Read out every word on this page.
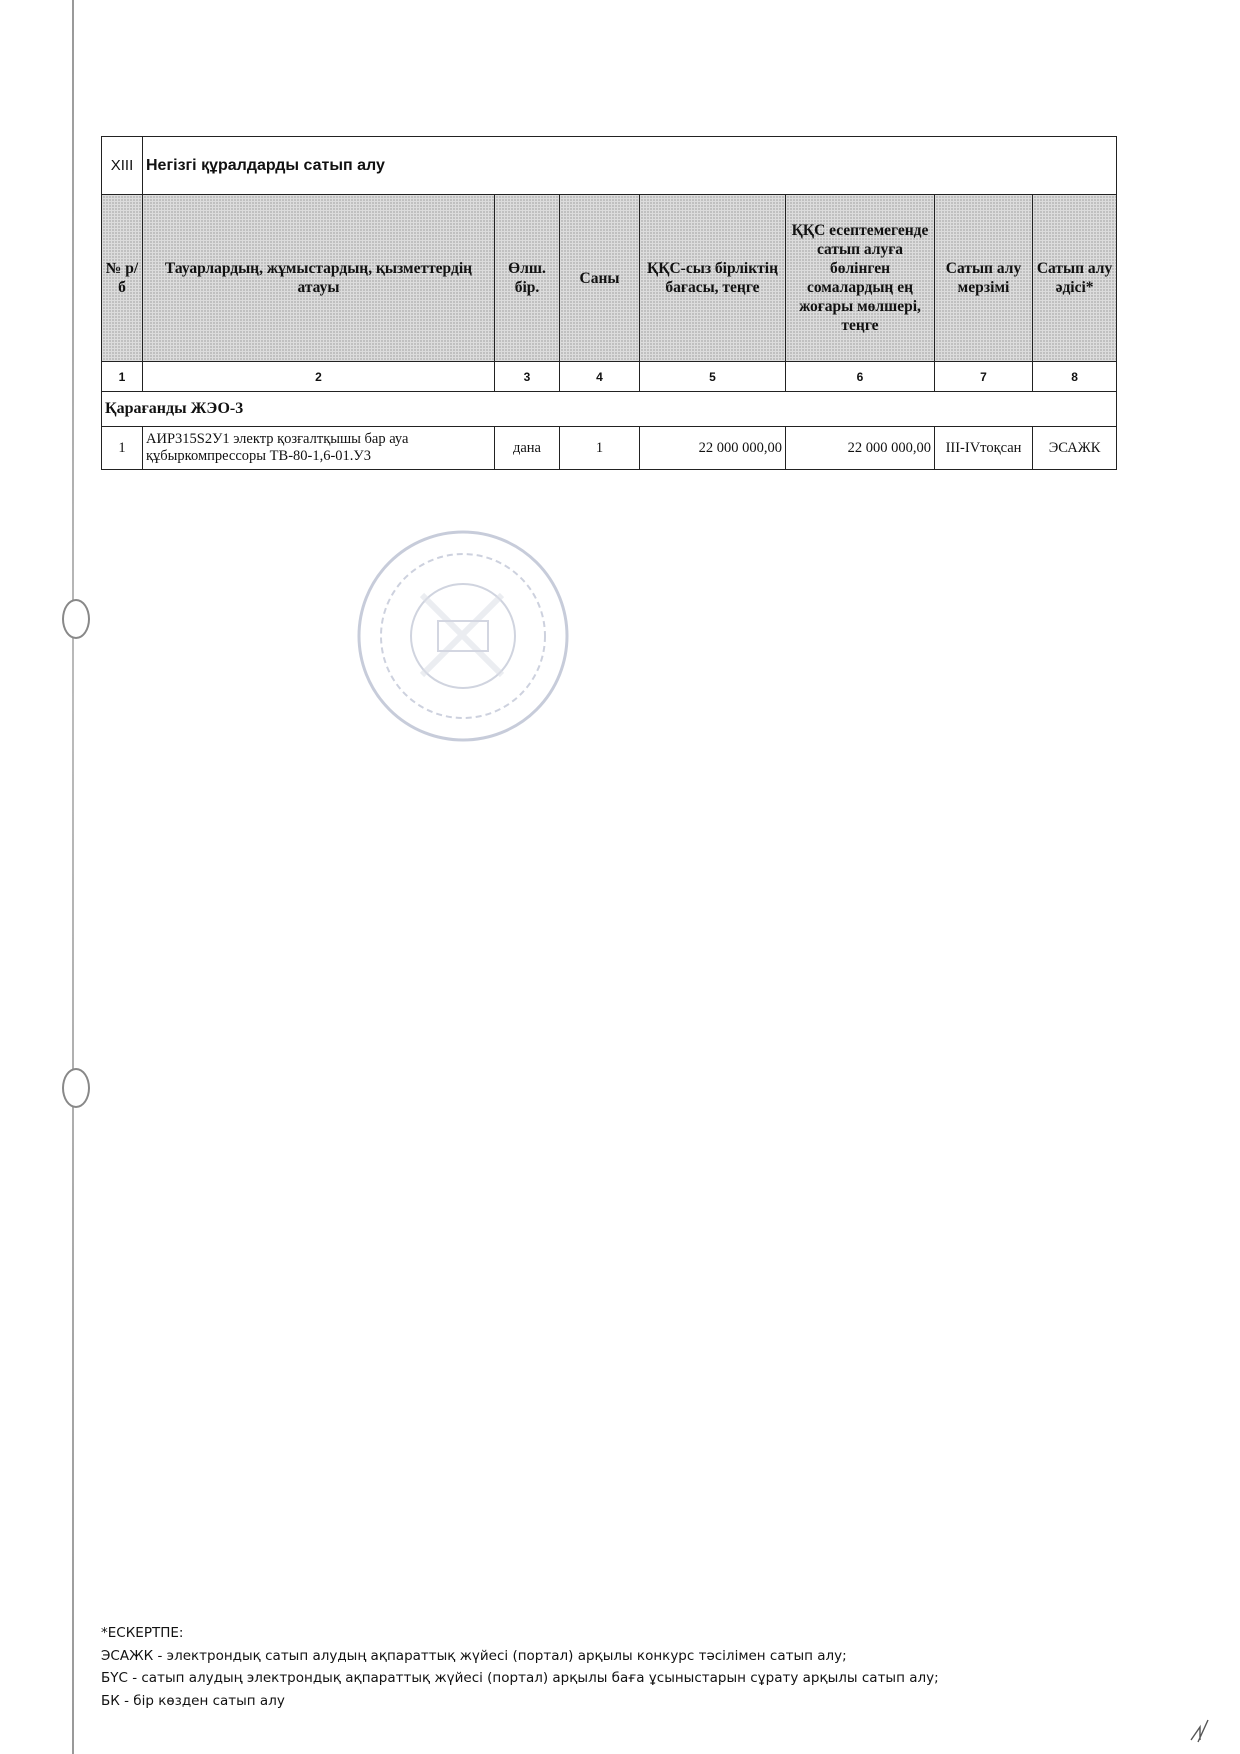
XIII	Негізгі құралдарды сатып алу						
№ р/б	Тауарлардың, жұмыстардың, қызметтердің атауы	Өлш. бір.	Саны	ҚҚС-сыз бірліктің бағасы, теңге	ҚҚС есептемегенде сатып алуға бөлінген сомалардың ең жоғары мөлшері, теңге	Сатып алу мерзімі	Сатып алу әдісі*
1	2	3	4	5	6	7	8
Қарағанды ЖЭО-3							
1	АИР315S2У1 электр қозғалтқышы бар ауа құбыркомпрессоры ТВ-80-1,6-01.У3	дана	1	22 000 000,00	22 000 000,00	III-IVтоқсан	ЭСАЖК
*ЕСКЕРТПЕ:
ЭСАЖК - электрондық сатып алудың ақпараттық жүйесі (портал) арқылы конкурс тәсілімен сатып алу;
БҮС - сатып алудың электрондық ақпараттық жүйесі (портал) арқылы баға ұсыныстарын сұрату арқылы сатып алу;
БК - бір көзден сатып алу
